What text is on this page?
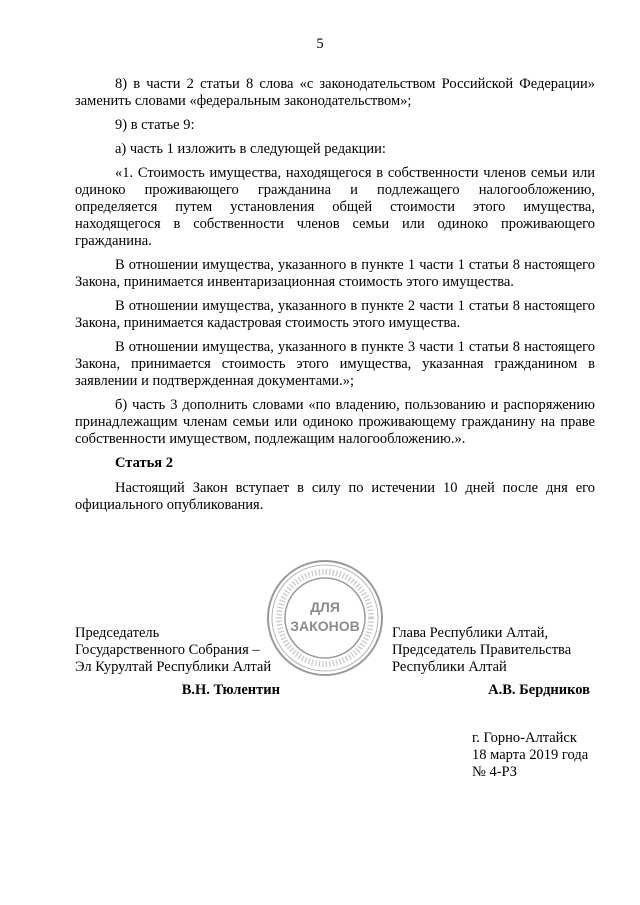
5

8) в части 2 статьи 8 слова «с законодательством Российской Федерации» заменить словами «федеральным законодательством»;

9) в статье 9:

а) часть 1 изложить в следующей редакции:

«1. Стоимость имущества, находящегося в собственности членов семьи или одиноко проживающего гражданина и подлежащего налогообложению, определяется путем установления общей стоимости этого имущества, находящегося в собственности членов семьи или одиноко проживающего гражданина.

В отношении имущества, указанного в пункте 1 части 1 статьи 8 настоящего Закона, принимается инвентаризационная стоимость этого имущества.

В отношении имущества, указанного в пункте 2 части 1 статьи 8 настоящего Закона, принимается кадастровая стоимость этого имущества.

В отношении имущества, указанного в пункте 3 части 1 статьи 8 настоящего Закона, принимается стоимость этого имущества, указанная гражданином в заявлении и подтвержденная документами.»;

б) часть 3 дополнить словами «по владению, пользованию и распоряжению принадлежащим членам семьи или одиноко проживающему гражданину на праве собственности имуществом, подлежащим налогообложению.».

Статья 2

Настоящий Закон вступает в силу по истечении 10 дней после дня его официального опубликования.

ДЛЯ
ЗАКОНОВ
Председатель
Государственного Собрания –
Эл Курултай Республики Алтай
В.Н. Тюлентин
Глава Республики Алтай,
Председатель Правительства
Республики Алтай
А.В. Бердников
г. Горно-Алтайск
18 марта 2019 года
№ 4-РЗ
